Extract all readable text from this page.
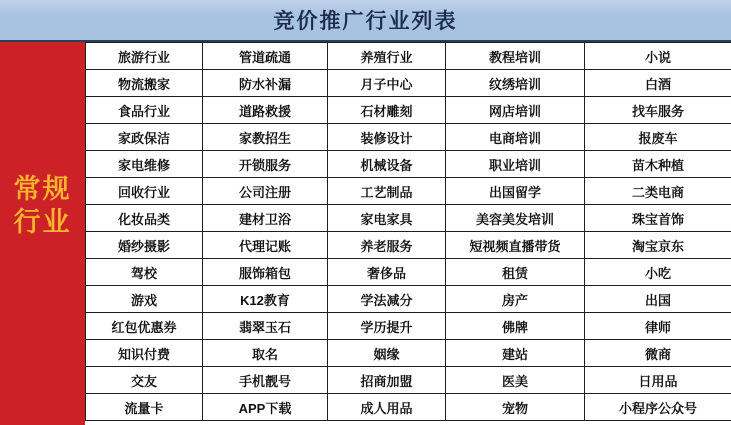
竞价推广行业列表
常规
行业
旅游行业	管道疏通	养殖行业	教程培训	小说
物流搬家	防水补漏	月子中心	纹绣培训	白酒
食品行业	道路救援	石材雕刻	网店培训	找车服务
家政保洁	家教招生	装修设计	电商培训	报废车
家电维修	开锁服务	机械设备	职业培训	苗木种植
回收行业	公司注册	工艺制品	出国留学	二类电商
化妆品类	建材卫浴	家电家具	美容美发培训	珠宝首饰
婚纱摄影	代理记账	养老服务	短视频直播带货	淘宝京东
驾校	服饰箱包	奢侈品	租赁	小吃
游戏	K12教育	学法减分	房产	出国
红包优惠券	翡翠玉石	学历提升	佛牌	律师
知识付费	取名	姻缘	建站	微商
交友	手机靓号	招商加盟	医美	日用品
流量卡	APP下载	成人用品	宠物	小程序公众号
